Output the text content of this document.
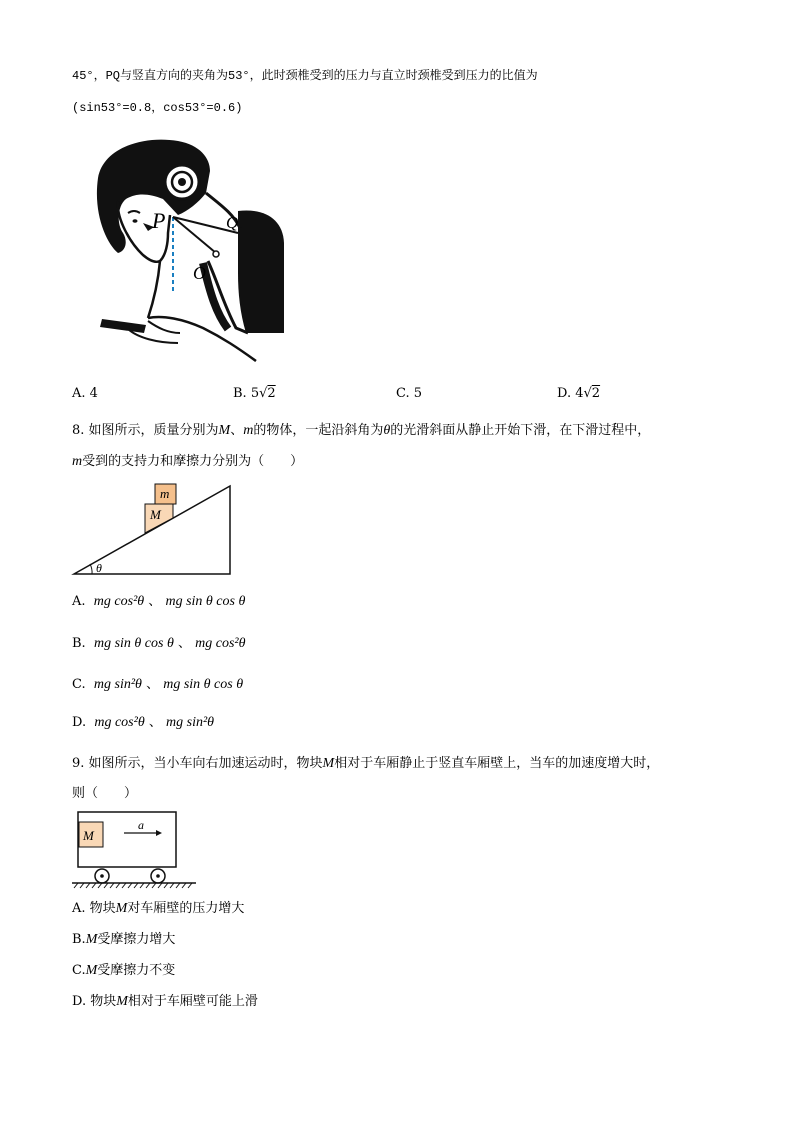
45°，PQ与竖直方向的夹角为53°，此时颈椎受到的压力与直立时颈椎受到压力的比值为
(sin53°=0.8，cos53°=0.6)
P	Q
O
A. 4	B. 5√2	C. 5	D. 4√2
8. 如图所示，质量分别为M、m的物体，一起沿斜角为θ的光滑斜面从静止开始下滑，在下滑过程中，
m受到的支持力和摩擦力分别为（　　）
m
M
θ
A. mg cos²θ 、 mg sin θ cos θ
B. mg sin θ cos θ 、 mg cos²θ
C. mg sin²θ 、 mg sin θ cos θ
D. mg cos²θ 、 mg sin²θ
9. 如图所示，当小车向右加速运动时，物块M相对于车厢静止于竖直车厢壁上，当车的加速度增大时，
则（　　）
M
a
A. 物块M对车厢壁的压力增大
B.M受摩擦力增大
C.M受摩擦力不变
D. 物块M相对于车厢壁可能上滑
